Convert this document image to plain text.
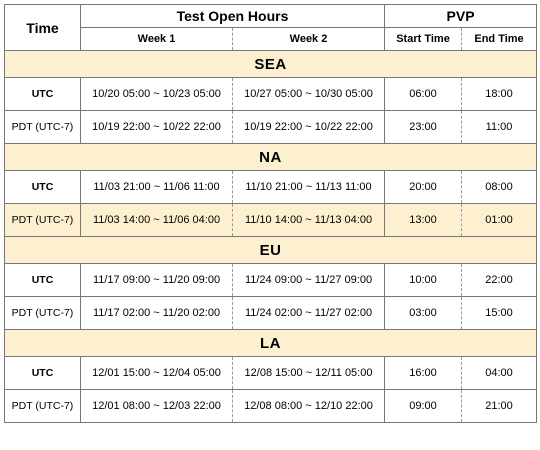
Time	Test Open Hours		PVP	
	Week 1	Week 2	Start Time	End Time
SEA				
UTC	10/20 05:00 ~ 10/23 05:00	10/27 05:00 ~ 10/30 05:00	06:00	18:00
PDT (UTC-7)	10/19 22:00 ~ 10/22 22:00	10/19 22:00 ~ 10/22 22:00	23:00	11:00
NA				
UTC	11/03 21:00 ~ 11/06 11:00	11/10 21:00 ~ 11/13 11:00	20:00	08:00
PDT (UTC-7)	11/03 14:00 ~ 11/06 04:00	11/10 14:00 ~ 11/13 04:00	13:00	01:00
EU				
UTC	11/17 09:00 ~ 11/20 09:00	11/24 09:00 ~ 11/27 09:00	10:00	22:00
PDT (UTC-7)	11/17 02:00 ~ 11/20 02:00	11/24 02:00 ~ 11/27 02:00	03:00	15:00
LA				
UTC	12/01 15:00 ~ 12/04 05:00	12/08 15:00 ~ 12/11 05:00	16:00	04:00
PDT (UTC-7)	12/01 08:00 ~ 12/03 22:00	12/08 08:00 ~ 12/10 22:00	09:00	21:00
